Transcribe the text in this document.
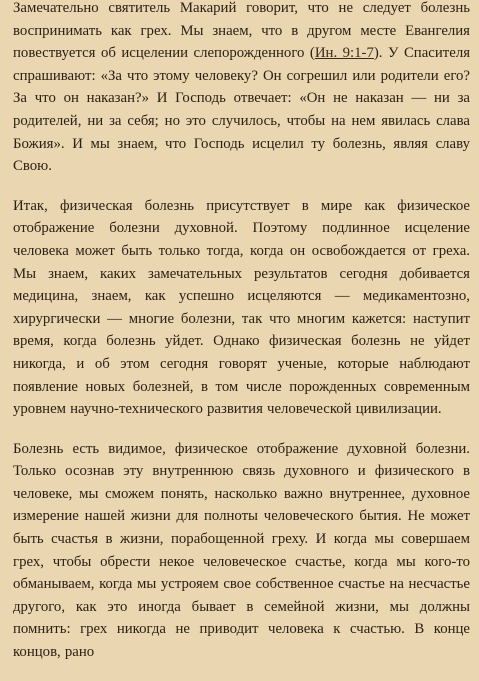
Замечательно святитель Макарий говорит, что не следует болезнь воспринимать как грех. Мы знаем, что в другом месте Евангелия повествуется об исцелении слепорожденного (Ин. 9:1-7). У Спасителя спрашивают: «За что этому человеку? Он согрешил или родители его? За что он наказан?» И Господь отвечает: «Он не наказан — ни за родителей, ни за себя; но это случилось, чтобы на нем явилась слава Божия». И мы знаем, что Господь исцелил ту болезнь, являя славу Свою.

Итак, физическая болезнь присутствует в мире как физическое отображение болезни духовной. Поэтому подлинное исцеление человека может быть только тогда, когда он освобождается от греха. Мы знаем, каких замечательных результатов сегодня добивается медицина, знаем, как успешно исцеляются — медикаментозно, хирургически — многие болезни, так что многим кажется: наступит время, когда болезнь уйдет. Однако физическая болезнь не уйдет никогда, и об этом сегодня говорят ученые, которые наблюдают появление новых болезней, в том числе порожденных современным уровнем научно-технического развития человеческой цивилизации.

Болезнь есть видимое, физическое отображение духовной болезни. Только осознав эту внутреннюю связь духовного и физического в человеке, мы сможем понять, насколько важно внутреннее, духовное измерение нашей жизни для полноты человеческого бытия. Не может быть счастья в жизни, порабощенной греху. И когда мы совершаем грех, чтобы обрести некое человеческое счастье, когда мы кого-то обманываем, когда мы устрояем свое собственное счастье на несчастье другого, как это иногда бывает в семейной жизни, мы должны помнить: грех никогда не приводит человека к счастью. В конце концов, рано
